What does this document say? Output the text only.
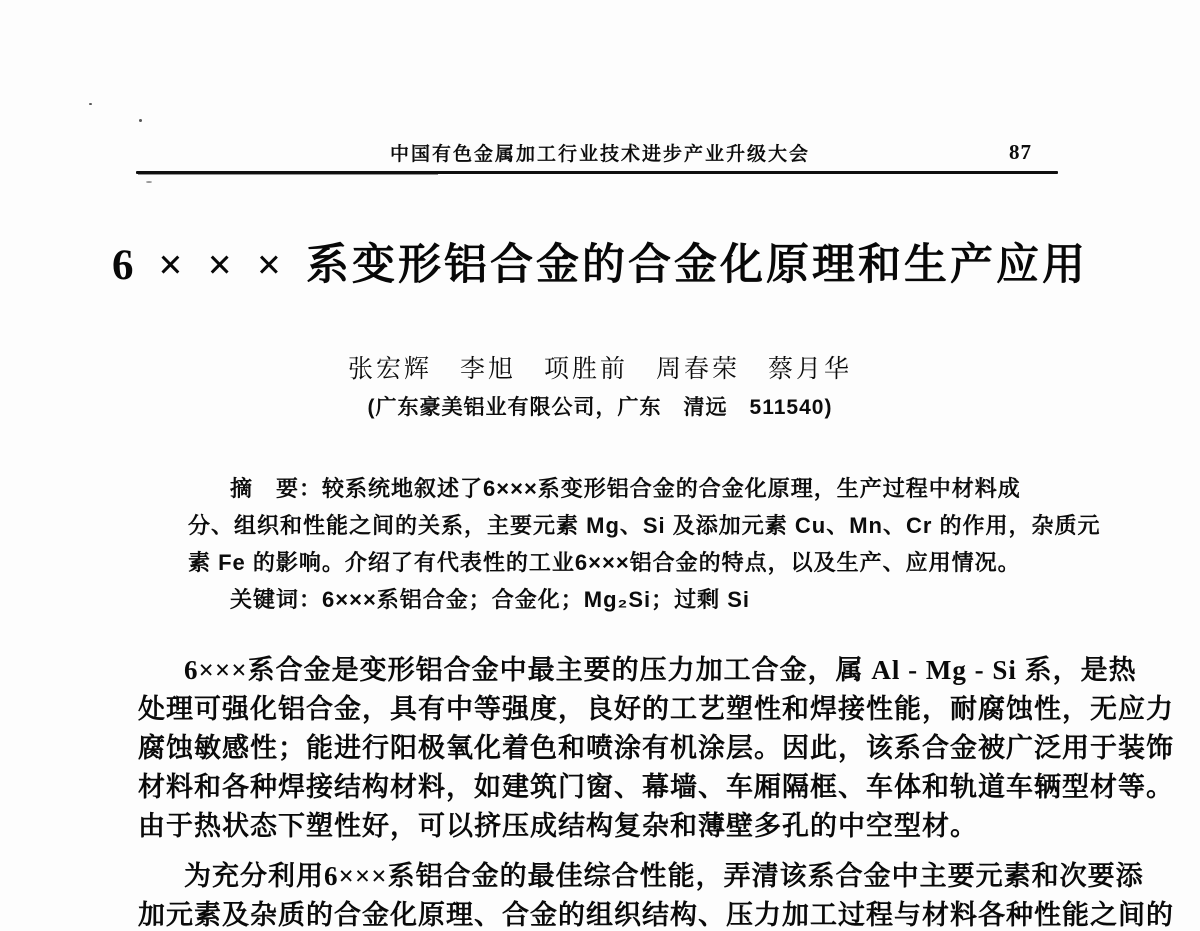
中国有色金属加工行业技术进步产业升级大会	87
6 × × × 系变形铝合金的合金化原理和生产应用
张宏辉　李旭　项胜前　周春荣　蔡月华
(广东豪美铝业有限公司，广东　清远　511540)
摘　要：较系统地叙述了6×××系变形铝合金的合金化原理，生产过程中材料成
分、组织和性能之间的关系，主要元素 Mg、Si 及添加元素 Cu、Mn、Cr 的作用，杂质元
素 Fe 的影响。介绍了有代表性的工业6×××铝合金的特点，以及生产、应用情况。
关键词：6×××系铝合金；合金化；Mg₂Si；过剩 Si
6×××系合金是变形铝合金中最主要的压力加工合金，属 Al - Mg - Si 系，是热
处理可强化铝合金，具有中等强度，良好的工艺塑性和焊接性能，耐腐蚀性，无应力
腐蚀敏感性；能进行阳极氧化着色和喷涂有机涂层。因此，该系合金被广泛用于装饰
材料和各种焊接结构材料，如建筑门窗、幕墙、车厢隔框、车体和轨道车辆型材等。
由于热状态下塑性好，可以挤压成结构复杂和薄壁多孔的中空型材。
为充分利用6×××系铝合金的最佳综合性能，弄清该系合金中主要元素和次要添
加元素及杂质的合金化原理、合金的组织结构、压力加工过程与材料各种性能之间的
